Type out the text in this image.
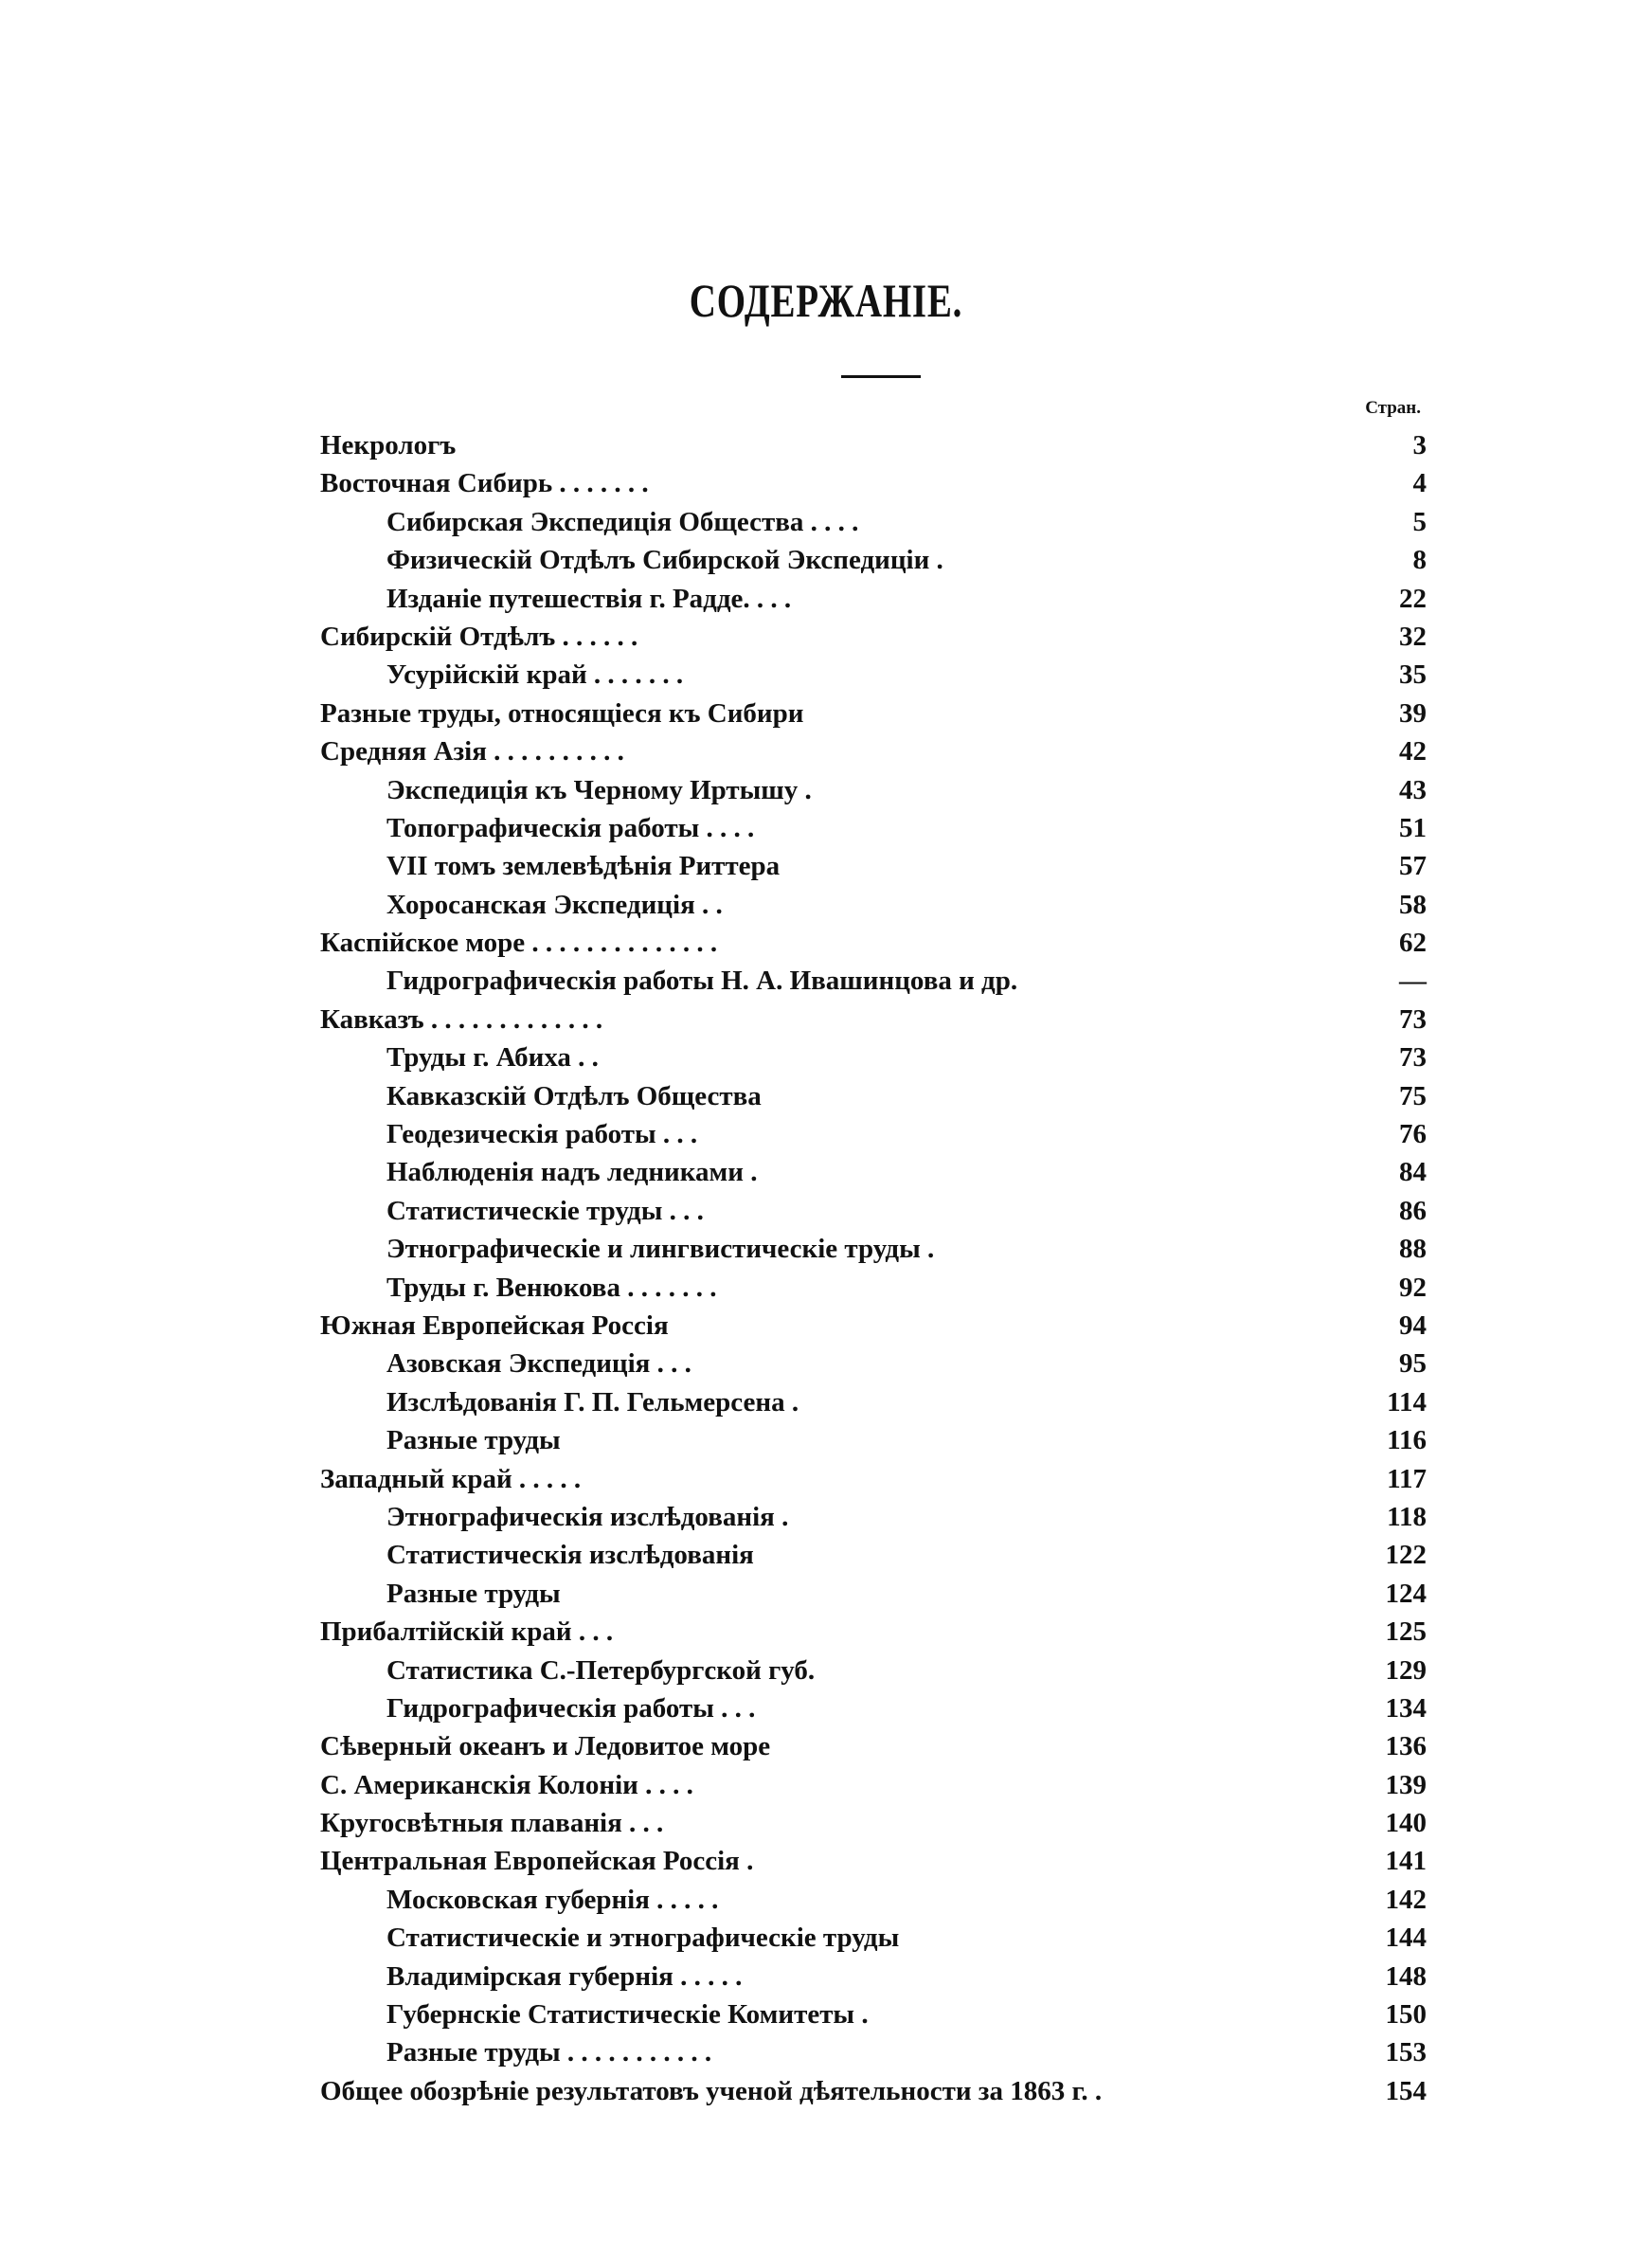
СОДЕРЖАНIЕ.
Стран.
Некрологъ	3
Восточная Сибирь . . . . . . .	4
Сибирская Экспедицiя Общества . . . .	5
Физическiй Отдѣлъ Сибирской Экспедицiи .	8
Изданiе путешествiя г. Радде. . . .	22
Сибирскiй Отдѣлъ . . . . . .	32
Усурiйскiй край . . . . . . .	35
Разные труды, относящiеся къ Сибири	39
Средняя Азiя . . . . . . . . . .	42
Экспедицiя къ Черному Иртышу .	43
Топографическiя работы . . . .	51
VII томъ землевѣдѣнiя Риттера	57
Хоросанская Экспедицiя . .	58
Каспiйское море . . . . . . . . . . . . . .	62
Гидрографическiя работы Н. А. Ивашинцова и др.	—
Кавказъ . . . . . . . . . . . . .	73
Труды г. Абиха . .	73
Кавказскiй Отдѣлъ Общества	75
Геодезическiя работы . . .	76
Наблюденiя надъ ледниками .	84
Статистическiе труды . . .	86
Этнографическiе и лингвистическiе труды .	88
Труды г. Венюкова . . . . . . .	92
Южная Европейская Россiя	94
Азовская Экспедицiя . . .	95
Изслѣдованiя Г. П. Гельмерсена .	114
Разные труды	116
Западный край . . . . .	117
Этнографическiя изслѣдованiя .	118
Статистическiя изслѣдованiя	122
Разные труды	124
Прибалтiйскiй край . . .	125
Статистика С.-Петербургской губ.	129
Гидрографическiя работы . . .	134
Сѣверный океанъ и Ледовитое море	136
С. Американскiя Колонiи . . . .	139
Кругосвѣтныя плаванiя . . .	140
Центральная Европейская Россiя .	141
Московская губернiя . . . . .	142
Статистическiе и этнографическiе труды	144
Владимiрская губернiя . . . . .	148
Губернскiе Статистическiе Комитеты .	150
Разные труды . . . . . . . . . . .	153
Общее обозрѣнiе результатовъ ученой дѣятельности за 1863 г. .	154
